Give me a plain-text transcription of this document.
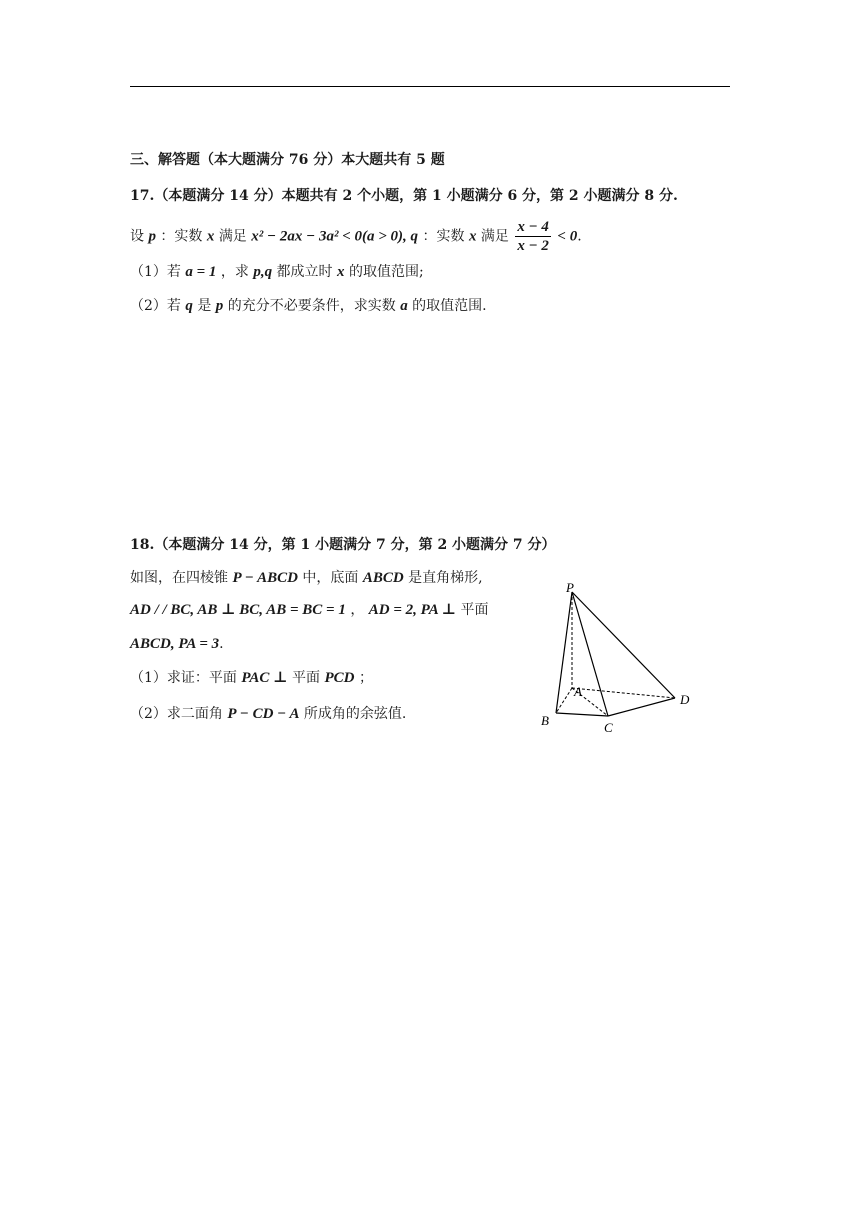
三、解答题（本大题满分 76 分）本大题共有 5 题
17.（本题满分 14 分）本题共有 2 个小题，第 1 小题满分 6 分，第 2 小题满分 8 分.
设 p ：实数 x 满足 x² − 2ax − 3a² < 0(a > 0), q ：实数 x 满足 $\frac{x - 4}{x - 2} < 0$.
（1）若 a = 1 ，求 p,q 都成立时 x 的取值范围;
（2）若 q 是 p 的充分不必要条件，求实数 a 的取值范围.
18.（本题满分 14 分，第 1 小题满分 7 分，第 2 小题满分 7 分）
如图，在四棱锥 P − ABCD 中，底面 ABCD 是直角梯形,
AD / / BC, AB ⊥ BC, AB = BC = 1 ， AD = 2, PA ⊥ 平面
ABCD, PA = 3.
（1）求证：平面 PAC ⊥ 平面 PCD ；
（2）求二面角 P − CD − A 所成角的余弦值.
P
A
B	C
D
